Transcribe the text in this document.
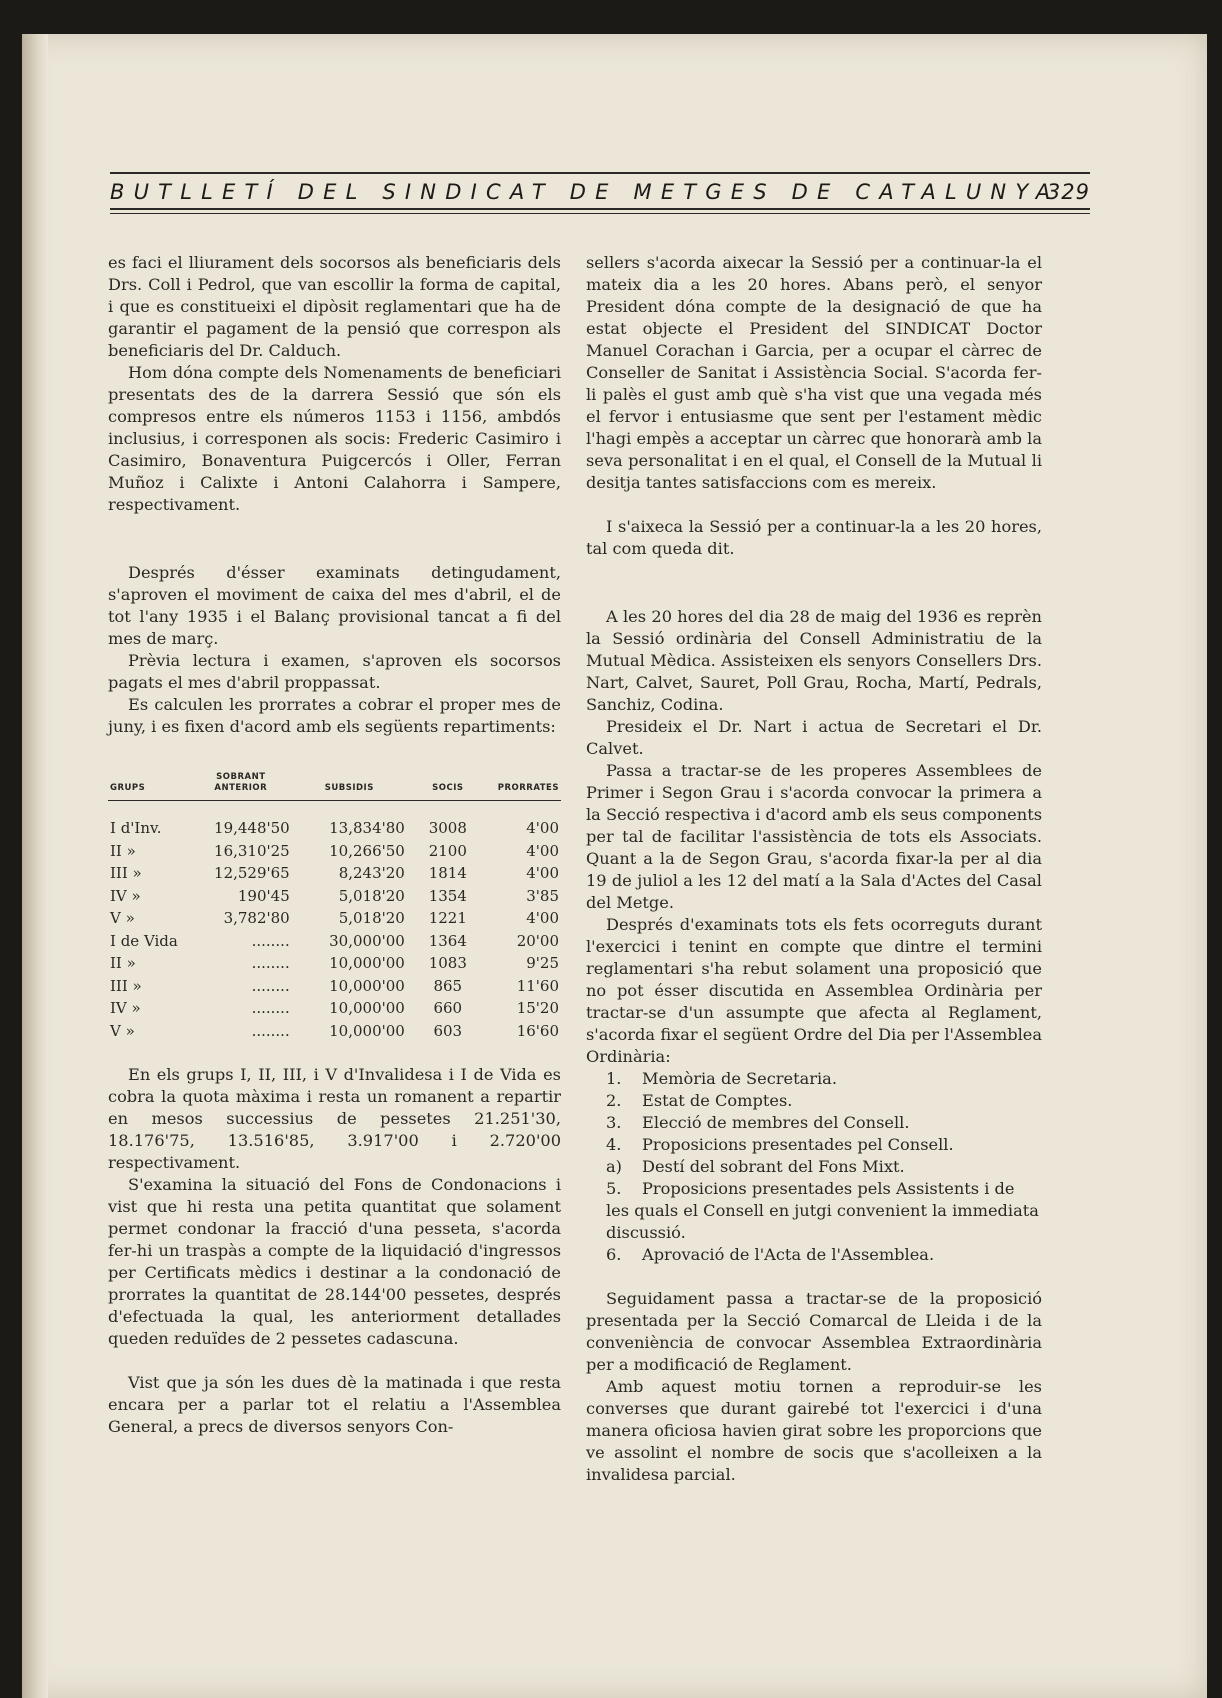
BUTLLETÍ DEL SINDICAT DE METGES DE CATALUNYA
329

es faci el lliurament dels socorsos als beneficiaris dels Drs. Coll i Pedrol, que van escollir la forma de capital, i que es constitueixi el dipòsit reglamentari que ha de garantir el pagament de la pensió que correspon als beneficiaris del Dr. Calduch.

Hom dóna compte dels Nomenaments de beneficiari presentats des de la darrera Sessió que són els compresos entre els números 1153 i 1156, ambdós inclusius, i corresponen als socis: Frederic Casimiro i Casimiro, Bonaventura Puigcercós i Oller, Ferran Muñoz i Calixte i Antoni Calahorra i Sampere, respectivament.

Després d'ésser examinats detingudament, s'aproven el moviment de caixa del mes d'abril, el de tot l'any 1935 i el Balanç provisional tancat a fi del mes de març.

Prèvia lectura i examen, s'aproven els socorsos pagats el mes d'abril proppassat.

Es calculen les prorrates a cobrar el proper mes de juny, i es fixen d'acord amb els següents repartiments:

GRUPS	SOBRANT ANTERIOR	SUBSIDIS	SOCIS	PRORRATES
I d'Inv.	19,448'50	13,834'80	3008	4'00
II »	16,310'25	10,266'50	2100	4'00
III »	12,529'65	8,243'20	1814	4'00
IV »	190'45	5,018'20	1354	3'85
V »	3,782'80	5,018'20	1221	4'00
I de Vida	........	30,000'00	1364	20'00
II »	........	10,000'00	1083	9'25
III »	........	10,000'00	865	11'60
IV »	........	10,000'00	660	15'20
V »	........	10,000'00	603	16'60

En els grups I, II, III, i V d'Invalidesa i I de Vida es cobra la quota màxima i resta un romanent a repartir en mesos successius de pessetes 21.251'30, 18.176'75, 13.516'85, 3.917'00 i 2.720'00 respectivament.

S'examina la situació del Fons de Condonacions i vist que hi resta una petita quantitat que solament permet condonar la fracció d'una pesseta, s'acorda fer-hi un traspàs a compte de la liquidació d'ingressos per Certificats mèdics i destinar a la condonació de prorrates la quantitat de 28.144'00 pessetes, després d'efectuada la qual, les anteriorment detallades queden reduïdes de 2 pessetes cadascuna.

Vist que ja són les dues dè la matinada i que resta encara per a parlar tot el relatiu a l'Assemblea General, a precs de diversos senyors Con-

sellers s'acorda aixecar la Sessió per a continuar-la el mateix dia a les 20 hores. Abans però, el senyor President dóna compte de la designació de que ha estat objecte el President del SINDICAT Doctor Manuel Corachan i Garcia, per a ocupar el càrrec de Conseller de Sanitat i Assistència Social. S'acorda fer-li palès el gust amb què s'ha vist que una vegada més el fervor i entusiasme que sent per l'estament mèdic l'hagi empès a acceptar un càrrec que honorarà amb la seva personalitat i en el qual, el Consell de la Mutual li desitja tantes satisfaccions com es mereix.

I s'aixeca la Sessió per a continuar-la a les 20 hores, tal com queda dit.

A les 20 hores del dia 28 de maig del 1936 es reprèn la Sessió ordinària del Consell Administratiu de la Mutual Mèdica. Assisteixen els senyors Consellers Drs. Nart, Calvet, Sauret, Poll Grau, Rocha, Martí, Pedrals, Sanchiz, Codina.

Presideix el Dr. Nart i actua de Secretari el Dr. Calvet.

Passa a tractar-se de les properes Assemblees de Primer i Segon Grau i s'acorda convocar la primera a la Secció respectiva i d'acord amb els seus components per tal de facilitar l'assistència de tots els Associats. Quant a la de Segon Grau, s'acorda fixar-la per al dia 19 de juliol a les 12 del matí a la Sala d'Actes del Casal del Metge.

Després d'examinats tots els fets ocorreguts durant l'exercici i tenint en compte que dintre el termini reglamentari s'ha rebut solament una proposició que no pot ésser discutida en Assemblea Ordinària per tractar-se d'un assumpte que afecta al Reglament, s'acorda fixar el següent Ordre del Dia per l'Assemblea Ordinària:

1. Memòria de Secretaria.
2. Estat de Comptes.
3. Elecció de membres del Consell.
4. Proposicions presentades pel Consell.
a) Destí del sobrant del Fons Mixt.
5. Proposicions presentades pels Assistents i de les quals el Consell en jutgi convenient la immediata discussió.
6. Aprovació de l'Acta de l'Assemblea.

Seguidament passa a tractar-se de la proposició presentada per la Secció Comarcal de Lleida i de la conveniència de convocar Assemblea Extraordinària per a modificació de Reglament.

Amb aquest motiu tornen a reproduir-se les converses que durant gairebé tot l'exercici i d'una manera oficiosa havien girat sobre les proporcions que ve assolint el nombre de socis que s'acolleixen a la invalidesa parcial.
